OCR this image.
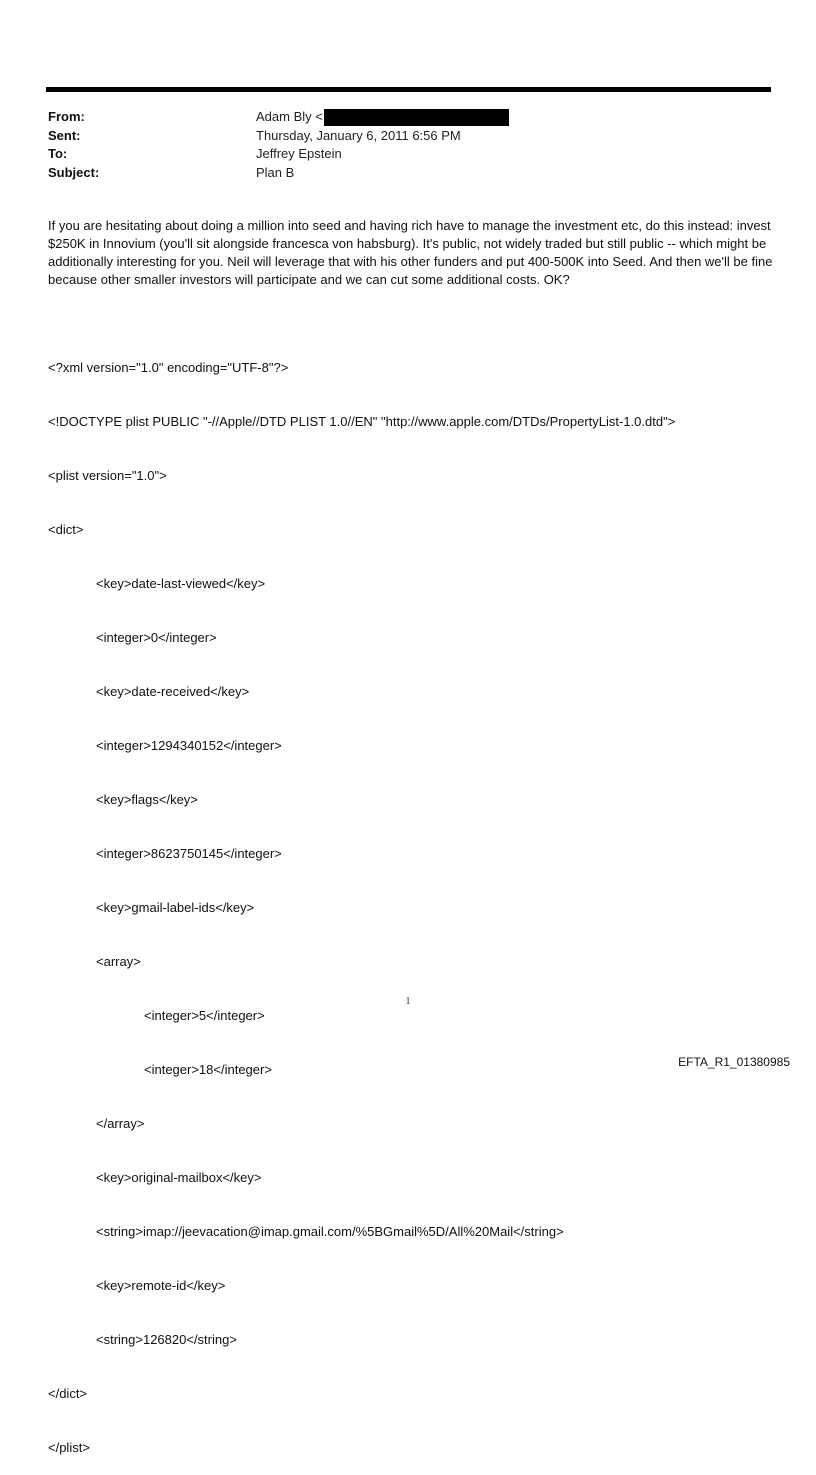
From:	Adam Bly <
Sent:	Thursday, January 6, 2011 6:56 PM
To:	Jeffrey Epstein
Subject:	Plan B

If you are hesitating about doing a million into seed and having rich have to manage the investment etc, do this instead: invest $250K in Innovium (you'll sit alongside francesca von habsburg). It's public, not widely traded but still public -- which might be additionally interesting for you. Neil will leverage that with his other funders and put 400-500K into Seed. And then we'll be fine because other smaller investors will participate and we can cut some additional costs. OK?

<?xml version="1.0" encoding="UTF-8"?>

<!DOCTYPE plist PUBLIC "-//Apple//DTD PLIST 1.0//EN" "http://www.apple.com/DTDs/PropertyList-1.0.dtd">

<plist version="1.0">

<dict>

<key>date-last-viewed</key>

<integer>0</integer>

<key>date-received</key>

<integer>1294340152</integer>

<key>flags</key>

<integer>8623750145</integer>

<key>gmail-label-ids</key>

<array>

<integer>5</integer>

<integer>18</integer>

</array>

<key>original-mailbox</key>

<string>imap://jeevacation@imap.gmail.com/%5BGmail%5D/All%20Mail</string>

<key>remote-id</key>

<string>126820</string>

</dict>

</plist>

1
EFTA_R1_01380985
